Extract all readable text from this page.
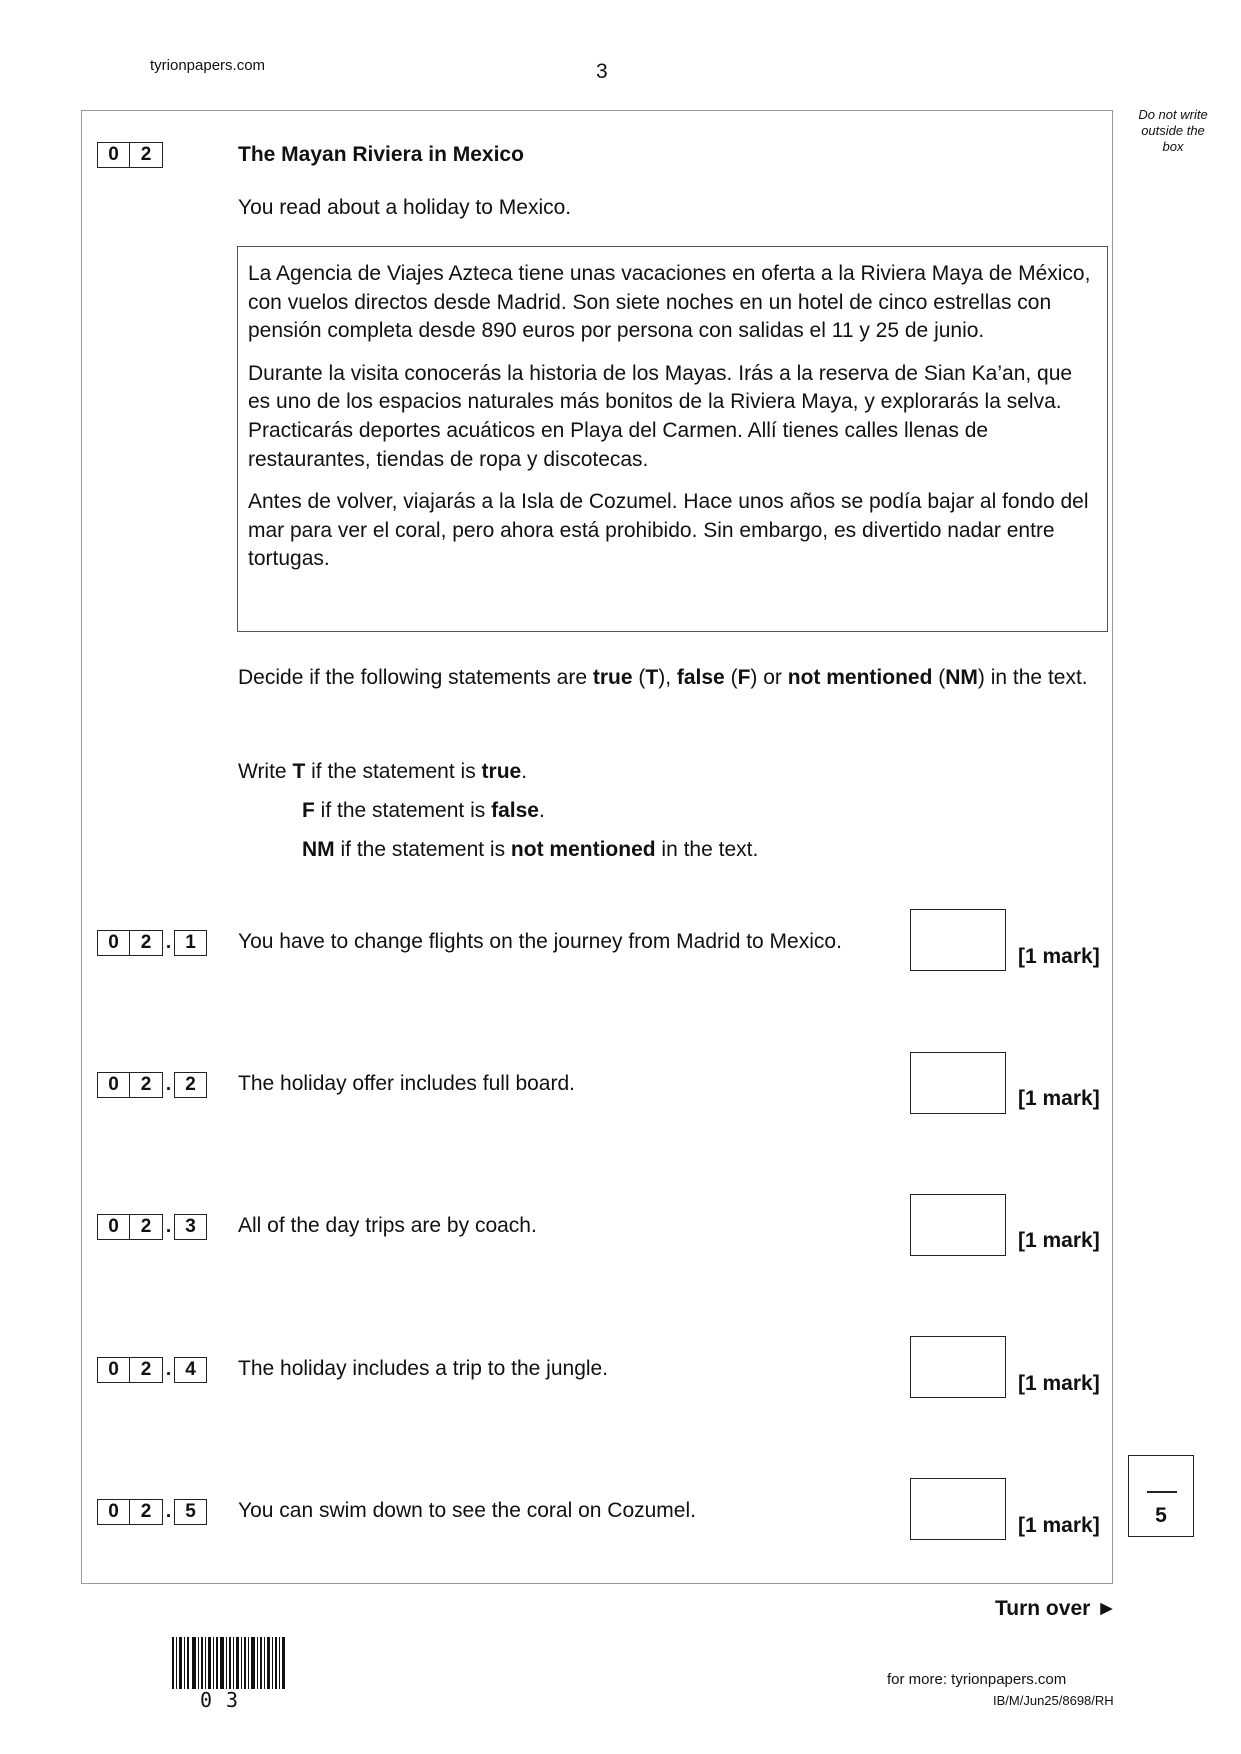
tyrionpapers.com	3
Do not write
outside the
box
0	2	The Mayan Riviera in Mexico
You read about a holiday to Mexico.

La Agencia de Viajes Azteca tiene unas vacaciones en oferta a la Riviera Maya de México, con vuelos directos desde Madrid. Son siete noches en un hotel de cinco estrellas con pensión completa desde 890 euros por persona con salidas el 11 y 25 de junio.

Durante la visita conocerás la historia de los Mayas. Irás a la reserva de Sian Ka’an, que es uno de los espacios naturales más bonitos de la Riviera Maya, y explorarás la selva. Practicarás deportes acuáticos en Playa del Carmen. Allí tienes calles llenas de restaurantes, tiendas de ropa y discotecas.

Antes de volver, viajarás a la Isla de Cozumel. Hace unos años se podía bajar al fondo del mar para ver el coral, pero ahora está prohibido. Sin embargo, es divertido nadar entre tortugas.

Decide if the following statements are true (T), false (F) or not mentioned (NM) in the text.
Write T if the statement is true.
F if the statement is false.
NM if the statement is not mentioned in the text.
0	2 . 1	You have to change flights on the journey from Madrid to Mexico.
[1 mark]
0	2 . 2	The holiday offer includes full board.
[1 mark]
0	2 . 3	All of the day trips are by coach.
[1 mark]
0	2 . 4	The holiday includes a trip to the jungle.
[1 mark]
0	2 . 5	You can swim down to see the coral on Cozumel.
[1 mark]	5
Turn over ►
03
for more: tyrionpapers.com
IB/M/Jun25/8698/RH
